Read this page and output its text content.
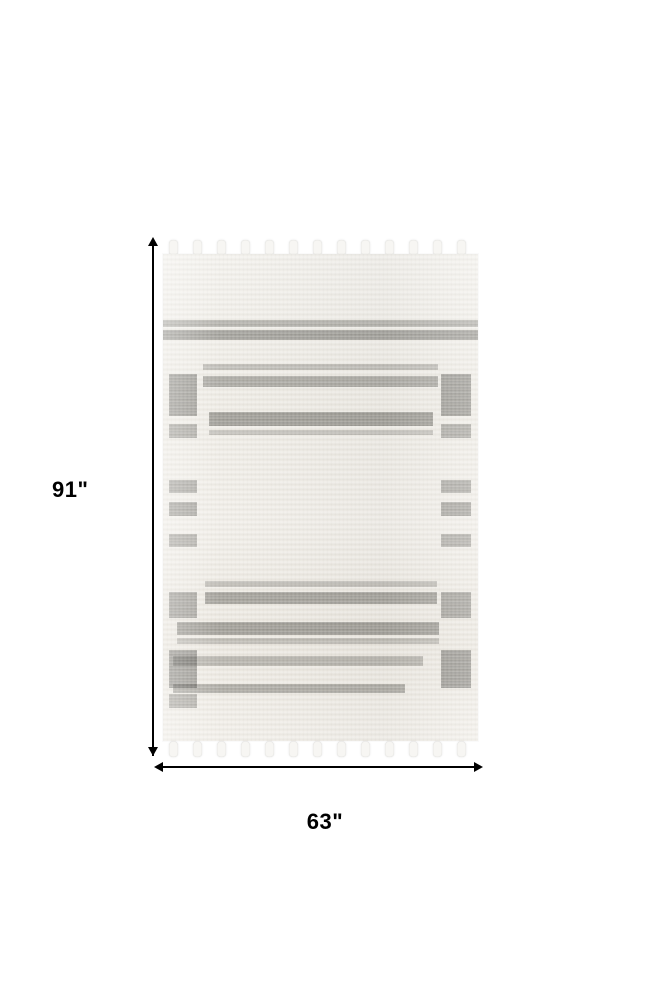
91"
63"
